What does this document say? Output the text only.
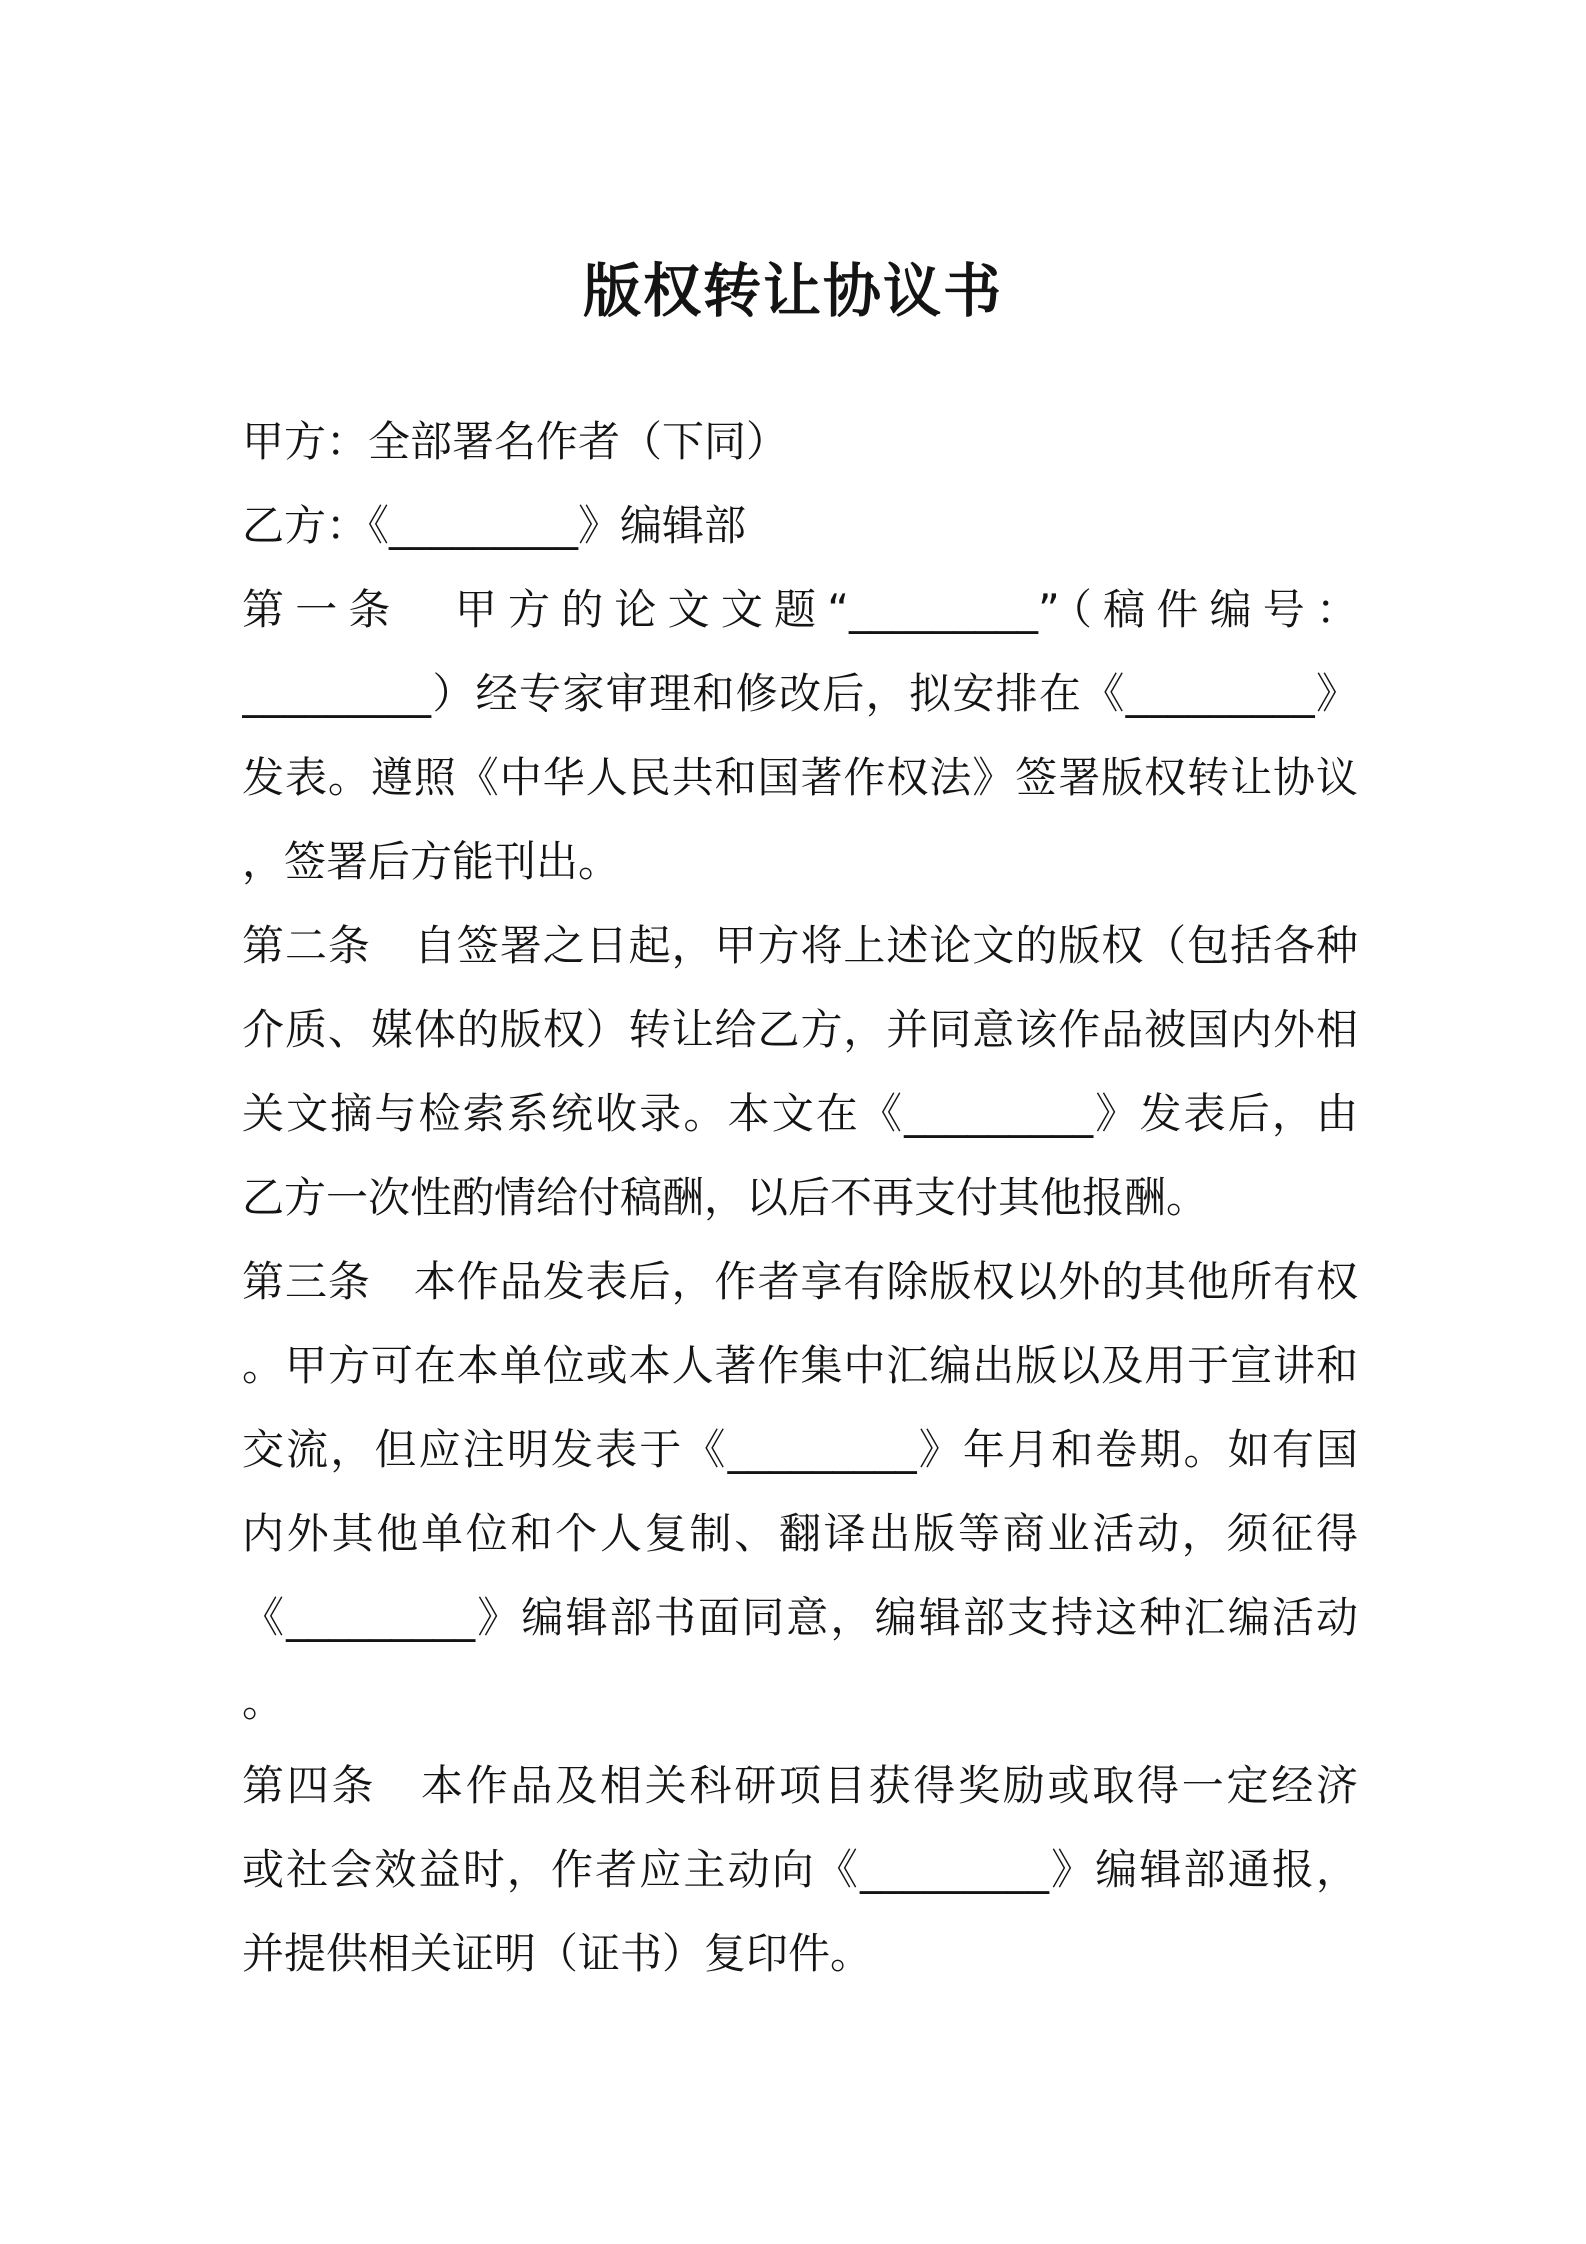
版权转让协议书
甲方：全部署名作者（下同）
乙方：《_________》编辑部
第一条　甲方的论文文题“_________”（稿件编号：
_________）经专家审理和修改后，拟安排在《_________》
发表。遵照《中华人民共和国著作权法》签署版权转让协议
，签署后方能刊出。
第二条　自签署之日起，甲方将上述论文的版权（包括各种
介质、媒体的版权）转让给乙方，并同意该作品被国内外相
关文摘与检索系统收录。本文在《_________》发表后，由
乙方一次性酌情给付稿酬，以后不再支付其他报酬。
第三条　本作品发表后，作者享有除版权以外的其他所有权
。甲方可在本单位或本人著作集中汇编出版以及用于宣讲和
交流，但应注明发表于《_________》年月和卷期。如有国
内外其他单位和个人复制、翻译出版等商业活动，须征得
《_________》编辑部书面同意，编辑部支持这种汇编活动
。
第四条　本作品及相关科研项目获得奖励或取得一定经济
或社会效益时，作者应主动向《_________》编辑部通报，
并提供相关证明（证书）复印件。
